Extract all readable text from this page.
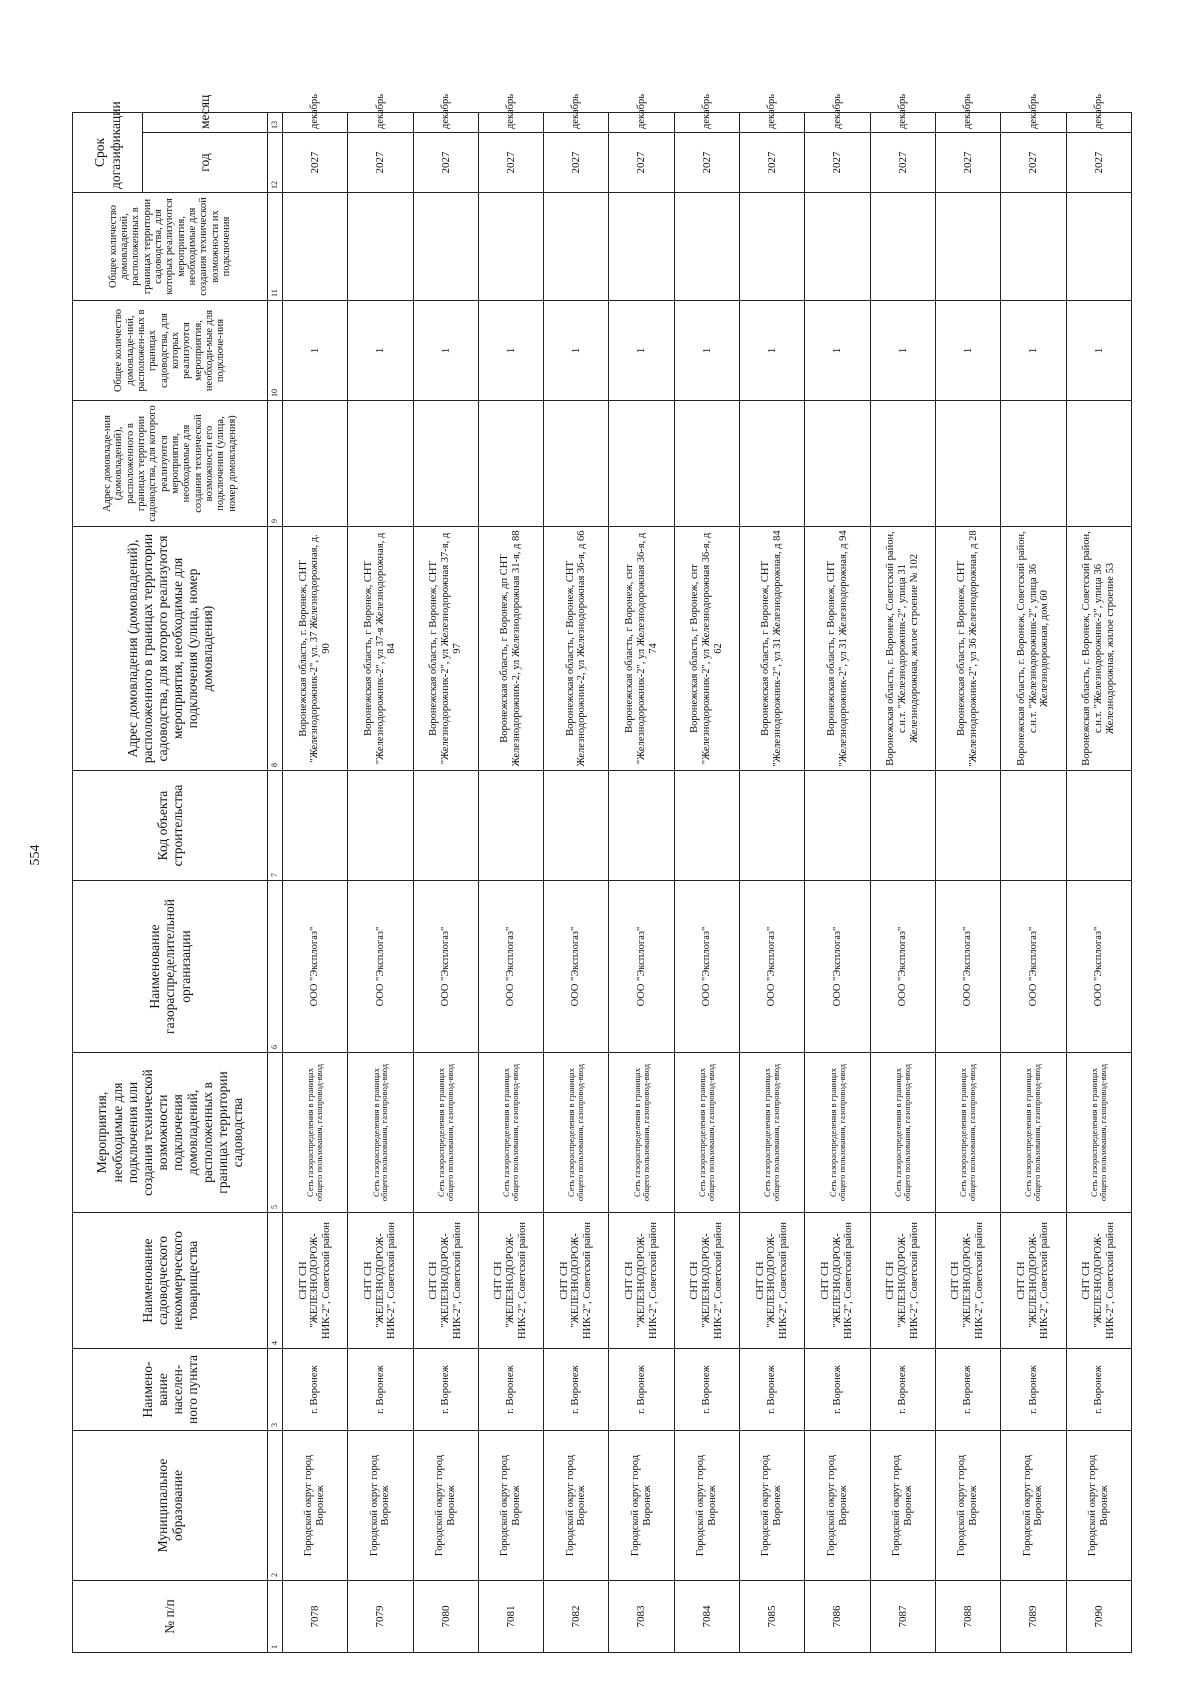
554
№ п/п	Муниципальное образование	Наимено-вание населен-ного пункта	Наименование садоводческого некоммерческого товарищества	Мероприятия, необходимые для подключения или создания технической возможности подключения домовладений, расположенных в границах территории садоводства	Наименование газораспределительной организации	Код объекта строительства	Адрес домовладения (домовладений), расположенного в границах территории садоводства, для которого реализуются мероприятия, необходимые для подключения (улица, номер домовладения)	Адрес домовладе-ния (домовладений), расположенного в границах территории садоводства, для которого реализуются мероприятия, необходимые для создания технической возможности его подключения (улица, номер домовладения)	Общее количество домовладе-ний, расположен-ных в границах садоводства, для которых реализуются мероприятия, необходи-мые для подключе-ния	Общее количество домовладений, расположенных в границах территории садоводства, для которых реализуются мероприятия, необходимые для создания технической возможности их подключения	Срок догазификации	
											год	месяц
1	2	3	4	5	6	7	8	9	10	11	12	13
7078	Городской округ город Воронеж	г. Воронеж	СНТ СН "ЖЕЛЕЗНОДОРОЖ-НИК-2", Советский район	Сеть газораспределения в границах общего пользования, газопровод-ввод	ООО "Эксплогаз"		Воронежская область, г. Воронеж, СНТ "Железнодорожник-2", ул. 37 Железнодорожная, д. 90		1		2027	декабрь
7079	Городской округ город Воронеж	г. Воронеж	СНТ СН "ЖЕЛЕЗНОДОРОЖ-НИК-2", Советский район	Сеть газораспределения в границах общего пользования, газопровод-ввод	ООО "Эксплогаз"		Воронежская область, г Воронеж, СНТ "Железнодорожник-2", ул 37-я Железнодорожная, д 84		1		2027	декабрь
7080	Городской округ город Воронеж	г. Воронеж	СНТ СН "ЖЕЛЕЗНОДОРОЖ-НИК-2", Советский район	Сеть газораспределения в границах общего пользования, газопровод-ввод	ООО "Эксплогаз"		Воронежская область, г Воронеж, СНТ "Железнодорожник-2", ул Железнодорожная 37-я, д 97		1		2027	декабрь
7081	Городской округ город Воронеж	г. Воронеж	СНТ СН "ЖЕЛЕЗНОДОРОЖ-НИК-2", Советский район	Сеть газораспределения в границах общего пользования, газопровод-ввод	ООО "Эксплогаз"		Воронежская область, г Воронеж, дп СНТ Железнодорожник-2, ул Железнодорожная 31-я, д 88		1		2027	декабрь
7082	Городской округ город Воронеж	г. Воронеж	СНТ СН "ЖЕЛЕЗНОДОРОЖ-НИК-2", Советский район	Сеть газораспределения в границах общего пользования, газопровод-ввод	ООО "Эксплогаз"		Воронежская область, г Воронеж, СНТ Железнодорожник-2, ул Железнодорожная 36-я, д 66		1		2027	декабрь
7083	Городской округ город Воронеж	г. Воронеж	СНТ СН "ЖЕЛЕЗНОДОРОЖ-НИК-2", Советский район	Сеть газораспределения в границах общего пользования, газопровод-ввод	ООО "Эксплогаз"		Воронежская область, г Воронеж, снт "Железнодорожник-2", ул Железнодорожная 36-я, д 74		1		2027	декабрь
7084	Городской округ город Воронеж	г. Воронеж	СНТ СН "ЖЕЛЕЗНОДОРОЖ-НИК-2", Советский район	Сеть газораспределения в границах общего пользования, газопровод-ввод	ООО "Эксплогаз"		Воронежская область, г Воронеж, снт "Железнодорожник-2", ул Железнодорожная 36-я, д 62		1		2027	декабрь
7085	Городской округ город Воронеж	г. Воронеж	СНТ СН "ЖЕЛЕЗНОДОРОЖ-НИК-2", Советский район	Сеть газораспределения в границах общего пользования, газопровод-ввод	ООО "Эксплогаз"		Воронежская область, г Воронеж, СНТ "Железнодорожник-2", ул 31 Железнодорожная, д 84		1		2027	декабрь
7086	Городской округ город Воронеж	г. Воронеж	СНТ СН "ЖЕЛЕЗНОДОРОЖ-НИК-2", Советский район	Сеть газораспределения в границах общего пользования, газопровод-ввод	ООО "Эксплогаз"		Воронежская область, г Воронеж, СНТ "Железнодорожник-2", ул 31 Железнодорожная, д 94		1		2027	декабрь
7087	Городской округ город Воронеж	г. Воронеж	СНТ СН "ЖЕЛЕЗНОДОРОЖ-НИК-2", Советский район	Сеть газораспределения в границах общего пользования, газопровод-ввод	ООО "Эксплогаз"		Воронежская область, г. Воронеж, Советский район, с.н.т. "Железнодорожник-2", улица 31 Железнодорожная, жилое строение № 102		1		2027	декабрь
7088	Городской округ город Воронеж	г. Воронеж	СНТ СН "ЖЕЛЕЗНОДОРОЖ-НИК-2", Советский район	Сеть газораспределения в границах общего пользования, газопровод-ввод	ООО "Эксплогаз"		Воронежская область, г Воронеж, СНТ "Железнодорожник-2", ул 36 Железнодорожная, д 28		1		2027	декабрь
7089	Городской округ город Воронеж	г. Воронеж	СНТ СН "ЖЕЛЕЗНОДОРОЖ-НИК-2", Советский район	Сеть газораспределения в границах общего пользования, газопровод-ввод	ООО "Эксплогаз"		Воронежская область, г. Воронеж, Советский район, с.н.т. "Железнодорожник-2", улица 36 Железнодорожная, дом 60		1		2027	декабрь
7090	Городской округ город Воронеж	г. Воронеж	СНТ СН "ЖЕЛЕЗНОДОРОЖ-НИК-2", Советский район	Сеть газораспределения в границах общего пользования, газопровод-ввод	ООО "Эксплогаз"		Воронежская область, г. Воронеж, Советский район, с.н.т. "Железнодорожник-2", улица 36 Железнодорожная, жилое строение 53		1		2027	декабрь
